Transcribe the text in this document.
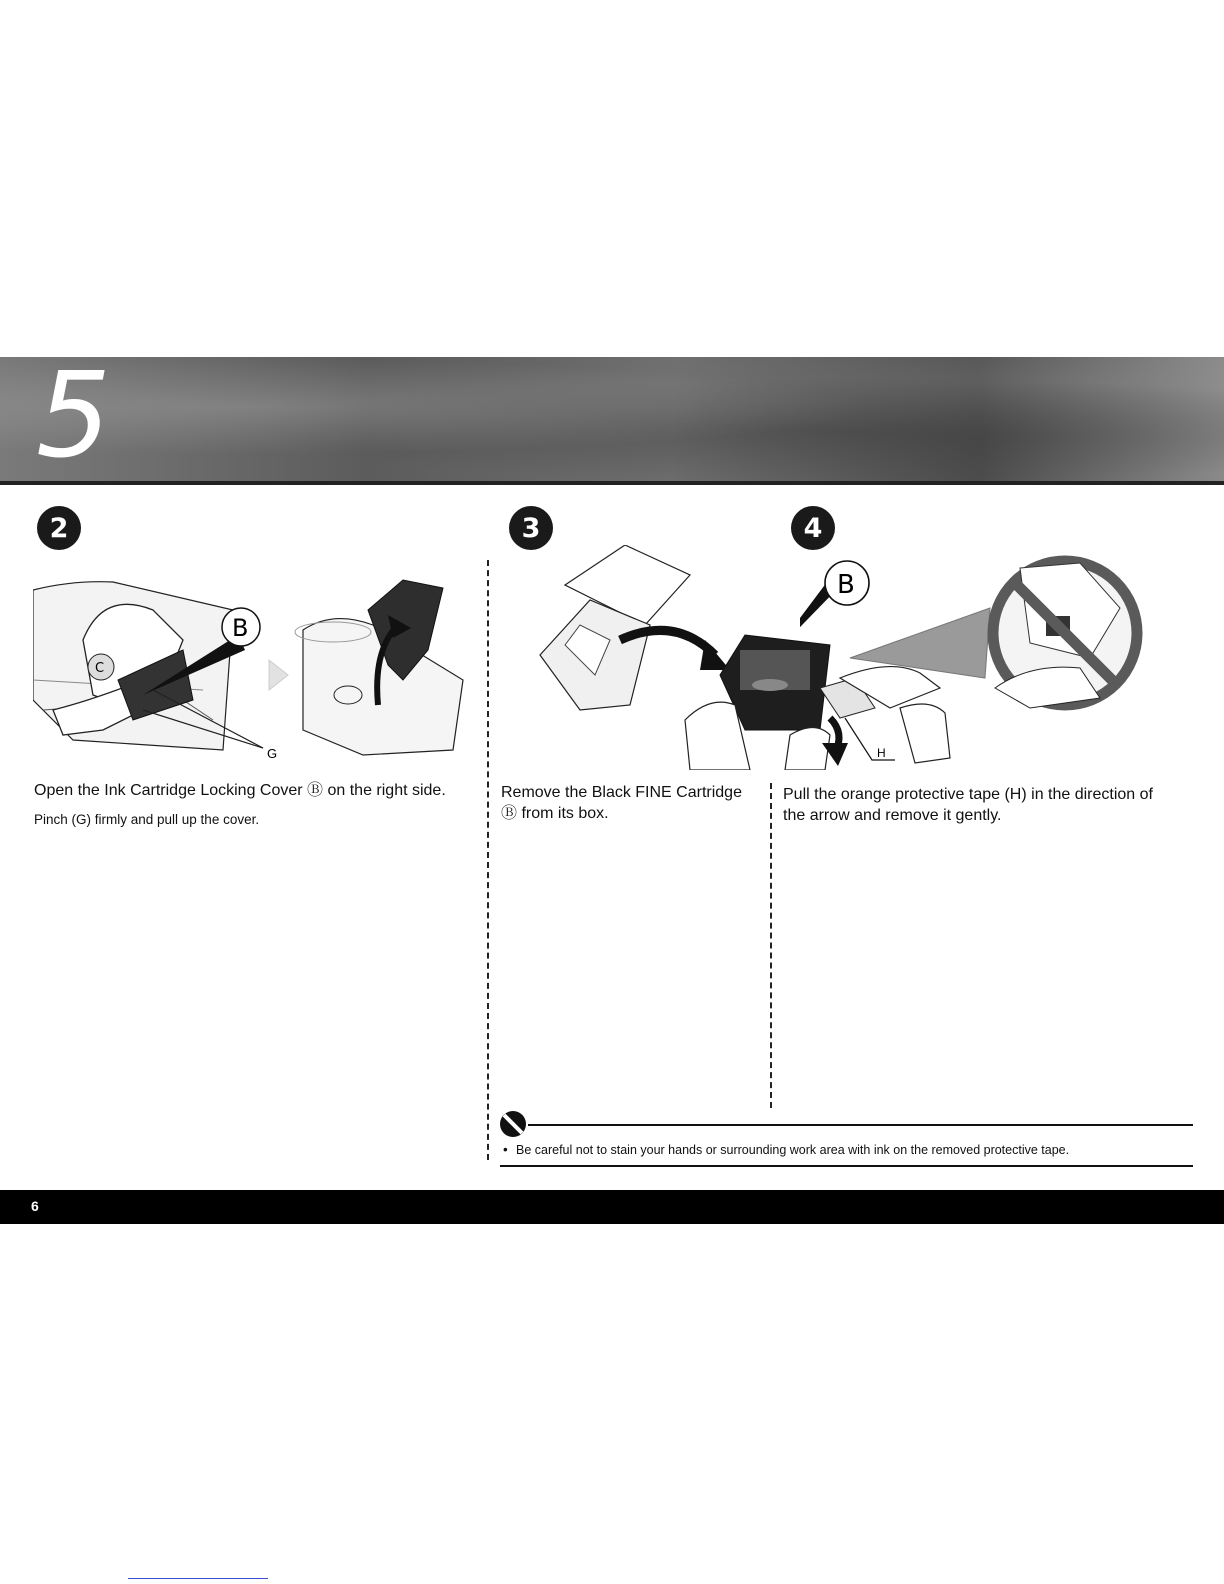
5
2
C
B
G
Open the Ink Cartridge Locking Cover Ⓑ on the right side.
Pinch (G) firmly and pull up the cover.
3
Remove the Black FINE Cartridge
Ⓑ from its box.
4
B
H
Pull the orange protective tape (H) in the direction of
the arrow and remove it gently.
• Be careful not to stain your hands or surrounding work area with ink on the removed protective tape.
6
